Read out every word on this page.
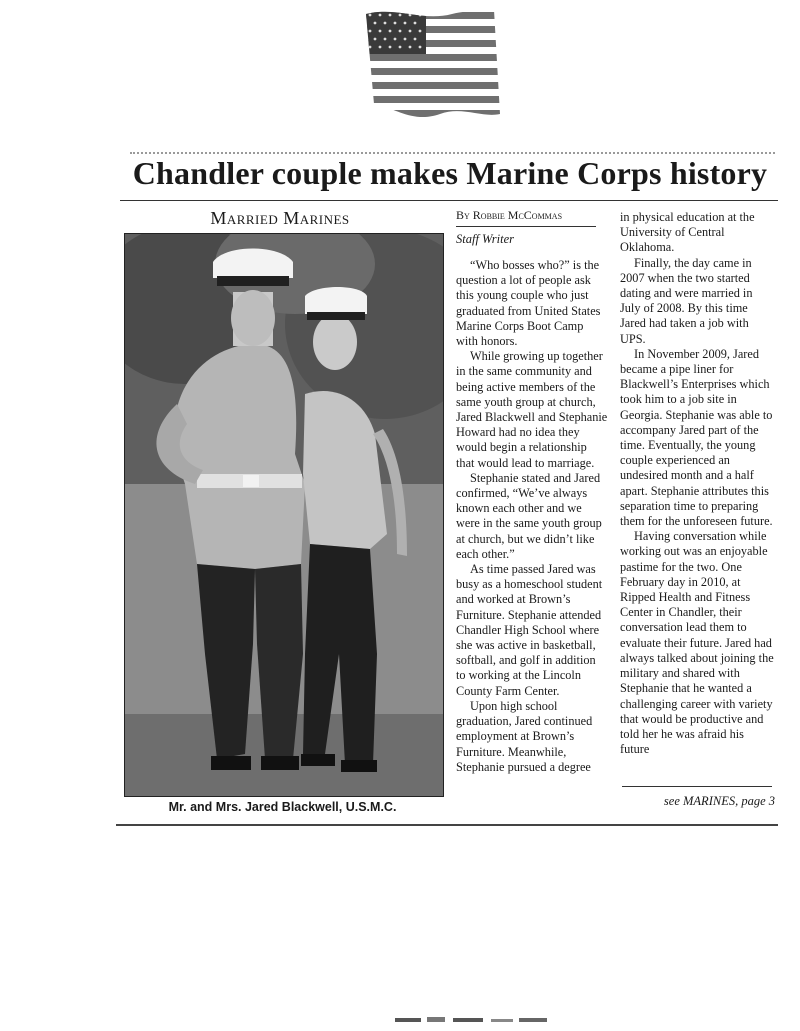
Chandler couple makes Marine Corps history
Married Marines
Mr. and Mrs. Jared Blackwell, U.S.M.C.
By Robbie McCommas
Staff Writer

“Who bosses who?” is the question a lot of people ask this young couple who just graduated from United States Marine Corps Boot Camp with honors.

While growing up together in the same community and being active members of the same youth group at church, Jared Blackwell and Stephanie Howard had no idea they would begin a relationship that would lead to marriage.

Stephanie stated and Jared confirmed, “We’ve always known each other and we were in the same youth group at church, but we didn’t like each other.”

As time passed Jared was busy as a homeschool student and worked at Brown’s Furniture. Stephanie attended Chandler High School where she was active in basketball, softball, and golf in addition to working at the Lincoln County Farm Center.

Upon high school graduation, Jared continued employment at Brown’s Furniture. Meanwhile, Stephanie pursued a degree

in physical education at the University of Central Oklahoma.

Finally, the day came in 2007 when the two started dating and were married in July of 2008. By this time Jared had taken a job with UPS.

In November 2009, Jared became a pipe liner for Blackwell’s Enterprises which took him to a job site in Georgia. Stephanie was able to accompany Jared part of the time. Eventually, the young couple experienced an undesired month and a half apart. Stephanie attributes this separation time to preparing them for the unforeseen future.

Having conversation while working out was an enjoyable pastime for the two. One February day in 2010, at Ripped Health and Fitness Center in Chandler, their conversation lead them to evaluate their future. Jared had always talked about joining the military and shared with Stephanie that he wanted a challenging career with variety that would be productive and told her he was afraid his future

see MARINES, page 3
